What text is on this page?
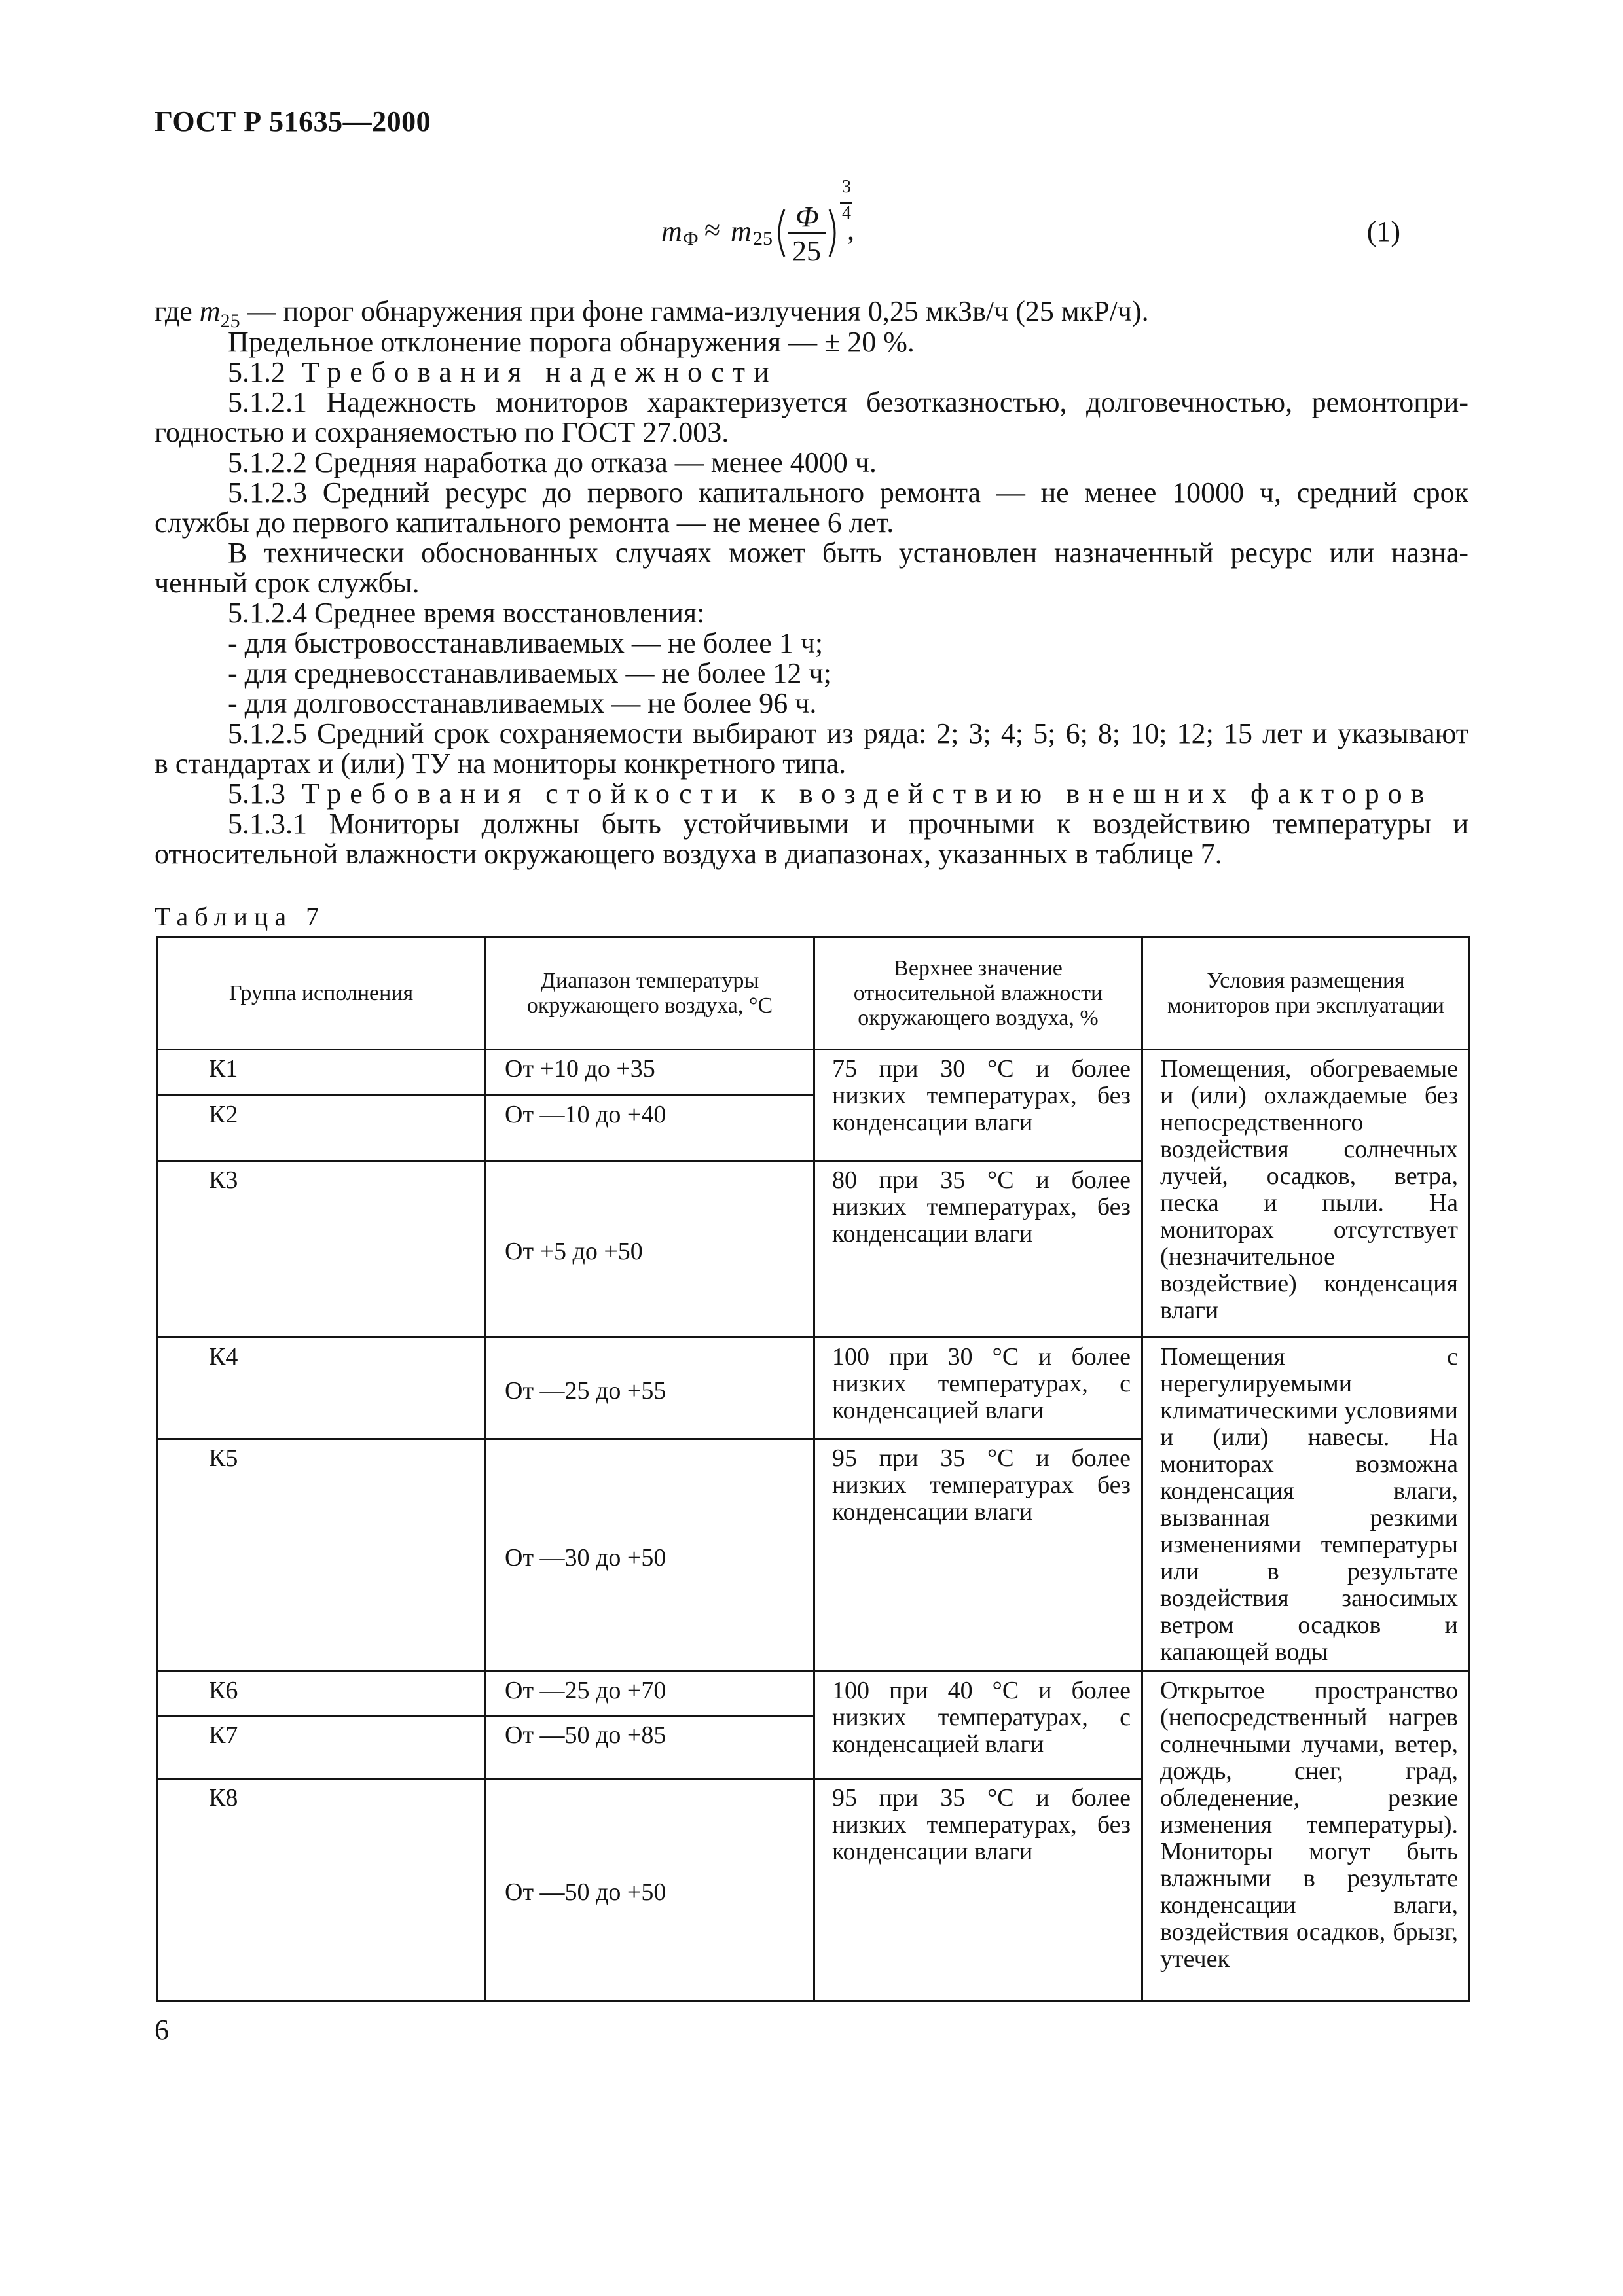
ГОСТ Р 51635—2000
m Ф ≈ m 25
Ф
25
3
4
,	(1)
где $m_{25}$ — порог обнаружения при фоне гамма-излучения 0,25 мкЗв/ч (25 мкР/ч).
Предельное отклонение порога обнаружения — ± 20 %.
5.1.2 Требования надежности
5.1.2.1 Надежность мониторов характеризуется безотказностью, долговечностью, ремонтопри-
годностью и сохраняемостью по ГОСТ 27.003.
5.1.2.2 Средняя наработка до отказа — менее 4000 ч.
5.1.2.3 Средний ресурс до первого капитального ремонта — не менее 10000 ч, средний срок
службы до первого капитального ремонта — не менее 6 лет.
В технически обоснованных случаях может быть установлен назначенный ресурс или назна-
ченный срок службы.
5.1.2.4 Среднее время восстановления:
- для быстровосстанавливаемых — не более 1 ч;
- для средневосстанавливаемых — не более 12 ч;
- для долговосстанавливаемых — не более 96 ч.
5.1.2.5 Средний срок сохраняемости выбирают из ряда: 2; 3; 4; 5; 6; 8; 10; 12; 15 лет и указывают
в стандартах и (или) ТУ на мониторы конкретного типа.
5.1.3 Требования стойкости к воздействию внешних факторов
5.1.3.1 Мониторы должны быть устойчивыми и прочными к воздействию температуры и
относительной влажности окружающего воздуха в диапазонах, указанных в таблице 7.
Таблица 7
Группа исполнения	Диапазон температуры окружающего воздуха, °С	Верхнее значение относительной влажности окружающего воздуха, %	Условия размещения мониторов при эксплуатации
К1	От +10 до +35	75 при 30 °С и более низких температурах, без конденсации влаги	Помещения, обогреваемые и (или) охлаждаемые без непосредственного воздействия солнечных лучей, осадков, ветра, песка и пыли. На мониторах отсутствует (незначительное воздействие) конденсация влаги
К2	От —10 до +40		
К3	От +5 до +50	80 при 35 °С и более низких температурах, без конденсации влаги	
К4	От —25 до +55	100 при 30 °С и более низких температурах, с конденсацией влаги	Помещения с нерегулируемыми климатическими условиями и (или) навесы. На мониторах возможна конденсация влаги, вызванная резкими изменениями температуры или в результате воздействия заносимых ветром осадков и капающей воды
К5	От —30 до +50	95 при 35 °С и более низких температурах без конденсации влаги	
К6	От —25 до +70	100 при 40 °С и более низких температурах, с конденсацией влаги	Открытое пространство (непосредственный нагрев солнечными лучами, ветер, дождь, снег, град, обледенение, резкие изменения температуры). Мониторы могут быть влажными в результате конденсации влаги, воздействия осадков, брызг, утечек
К7	От —50 до +85		
К8	От —50 до +50	95 при 35 °С и более низких температурах, без конденсации влаги	
6
